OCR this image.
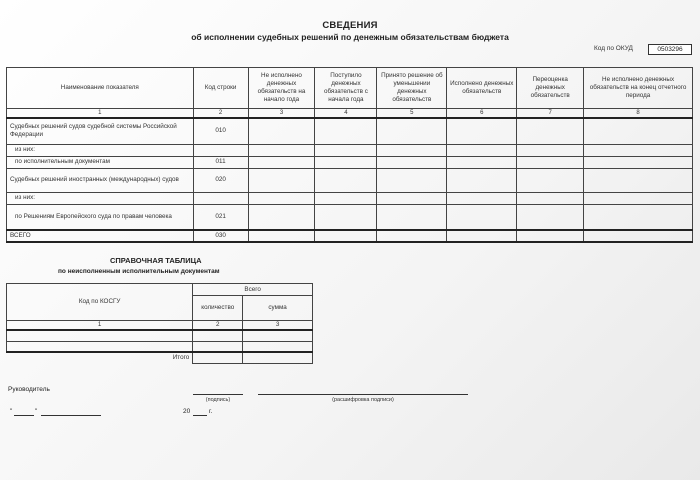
СВЕДЕНИЯ
об исполнении судебных решений по денежным обязательствам бюджета
Код по ОКУД	0503296
Наименование показателя	Код строки	Не исполнено денежных обязательств на начало года	Поступило денежных обязательств с начала года	Принято решение об уменьшении денежных обязательств	Исполнено денежных обязательств	Переоценка денежных обязательств	Не исполнено денежных обязательств на конец отчетного периода
1	2	3	4	5	6	7	8
Судебных решений судов судебной системы Российской Федерации	010						
из них:							
по исполнительным документам	011						
Судебных решений иностранных (международных) судов	020						
из них:							
по Решениям Европейского суда по правам человека	021						
ВСЕГО	030						
СПРАВОЧНАЯ ТАБЛИЦА
по неисполненным исполнительным документам
Код по КОСГУ	Всего	
	количество	сумма
1	2	3

Итого		
Руководитель
(подпись)	(расшифровка подписи)
"	"	20	г.
